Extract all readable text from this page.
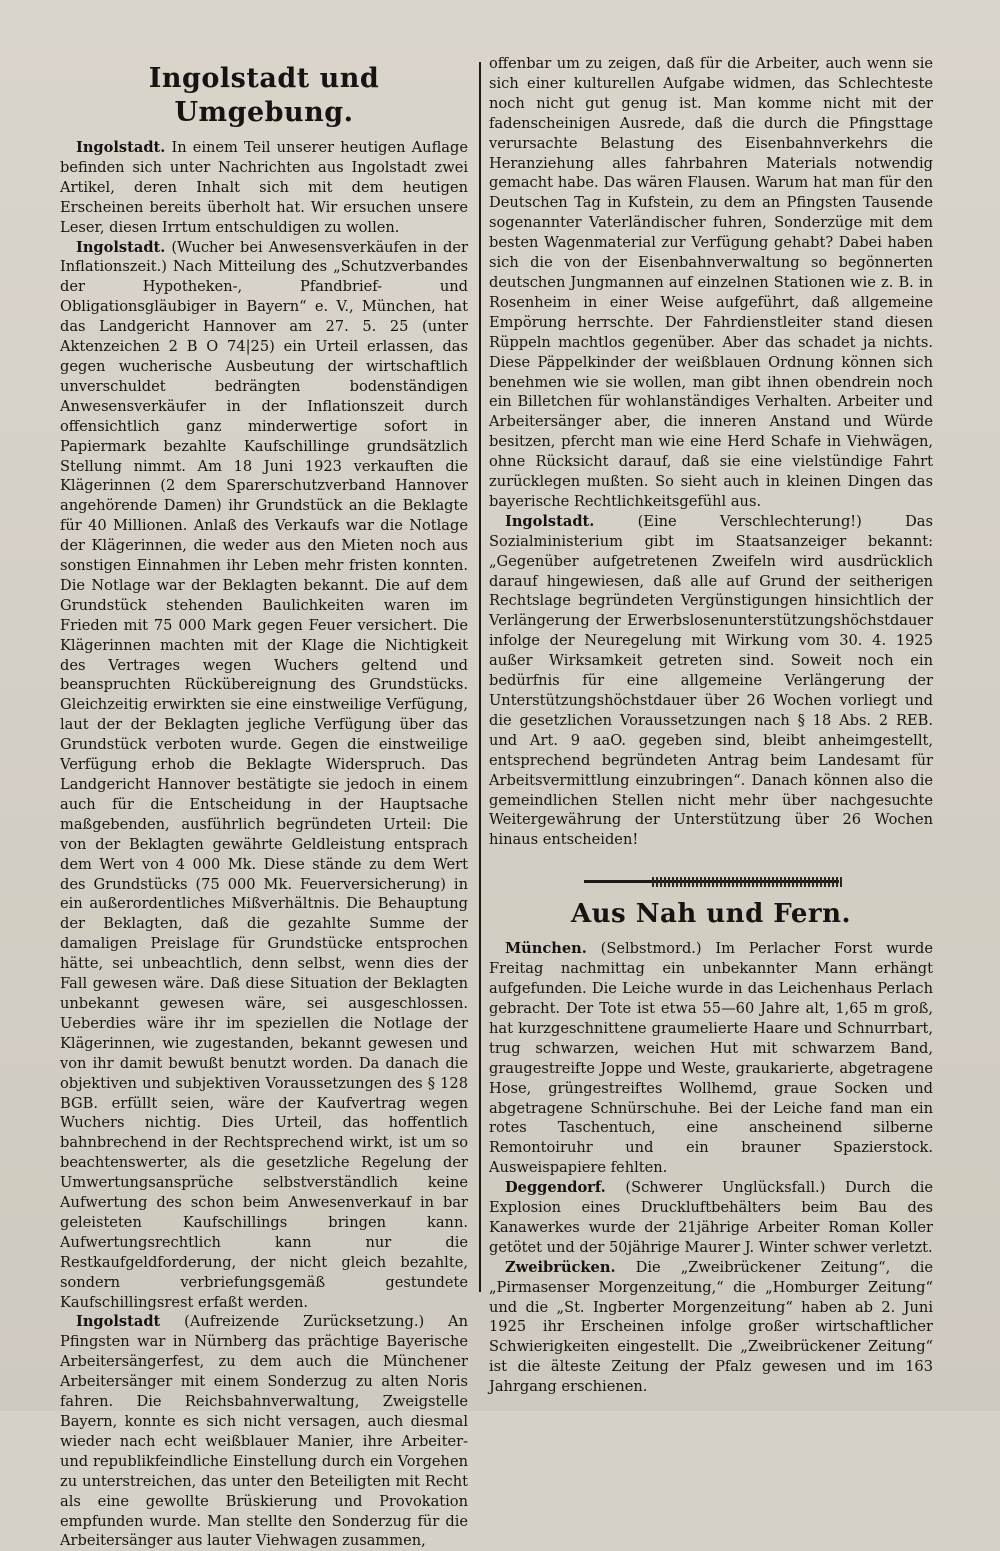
Ingolstadt und Umgebung.

Ingolstadt. In einem Teil unserer heutigen Auflage befinden sich unter Nachrichten aus Ingolstadt zwei Artikel, deren Inhalt sich mit dem heutigen Erscheinen bereits überholt hat. Wir ersuchen unsere Leser, diesen Irrtum entschuldigen zu wollen.

Ingolstadt. (Wucher bei Anwesensverkäufen in der Inflationszeit.) Nach Mitteilung des „Schutzverbandes der Hypotheken-, Pfandbrief- und Obligationsgläubiger in Bayern“ e. V., München, hat das Landgericht Hannover am 27. 5. 25 (unter Aktenzeichen 2 B O 74|25) ein Urteil erlassen, das gegen wucherische Ausbeutung der wirtschaftlich unverschuldet bedrängten bodenständigen Anwesensverkäufer in der Inflationszeit durch offensichtlich ganz minderwertige sofort in Papiermark bezahlte Kaufschillinge grundsätzlich Stellung nimmt. Am 18 Juni 1923 verkauften die Klägerinnen (2 dem Sparerschutzverband Hannover angehörende Damen) ihr Grundstück an die Beklagte für 40 Millionen. Anlaß des Verkaufs war die Notlage der Klägerinnen, die weder aus den Mieten noch aus sonstigen Einnahmen ihr Leben mehr fristen konnten. Die Notlage war der Beklagten bekannt. Die auf dem Grundstück stehenden Baulichkeiten waren im Frieden mit 75 000 Mark gegen Feuer versichert. Die Klägerinnen machten mit der Klage die Nichtigkeit des Vertrages wegen Wuchers geltend und beanspruchten Rückübereignung des Grundstücks. Gleichzeitig erwirkten sie eine einstweilige Verfügung, laut der der Beklagten jegliche Verfügung über das Grundstück verboten wurde. Gegen die einstweilige Verfügung erhob die Beklagte Widerspruch. Das Landgericht Hannover bestätigte sie jedoch in einem auch für die Entscheidung in der Hauptsache maßgebenden, ausführlich begründeten Urteil: Die von der Beklagten gewährte Geldleistung entsprach dem Wert von 4 000 Mk. Diese stände zu dem Wert des Grundstücks (75 000 Mk. Feuerversicherung) in ein außerordentliches Mißverhältnis. Die Behauptung der Beklagten, daß die gezahlte Summe der damaligen Preislage für Grundstücke entsprochen hätte, sei unbeachtlich, denn selbst, wenn dies der Fall gewesen wäre. Daß diese Situation der Beklagten unbekannt gewesen wäre, sei ausgeschlossen. Ueberdies wäre ihr im speziellen die Notlage der Klägerinnen, wie zugestanden, bekannt gewesen und von ihr damit bewußt benutzt worden. Da danach die objektiven und subjektiven Voraussetzungen des § 128 BGB. erfüllt seien, wäre der Kaufvertrag wegen Wuchers nichtig. Dies Urteil, das hoffentlich bahnbrechend in der Rechtsprechend wirkt, ist um so beachtenswerter, als die gesetzliche Regelung der Umwertungsansprüche selbstverständlich keine Aufwertung des schon beim Anwesenverkauf in bar geleisteten Kaufschillings bringen kann. Aufwertungsrechtlich kann nur die Restkaufgeldforderung, der nicht gleich bezahlte, sondern verbriefungsgemäß gestundete Kaufschillingsrest erfaßt werden.

Ingolstadt (Aufreizende Zurücksetzung.) An Pfingsten war in Nürnberg das prächtige Bayerische Arbeitersängerfest, zu dem auch die Münchener Arbeitersänger mit einem Sonderzug zu alten Noris fahren. Die Reichsbahnverwaltung, Zweigstelle Bayern, konnte es sich nicht versagen, auch diesmal wieder nach echt weißblauer Manier, ihre Arbeiter- und republikfeindliche Einstellung durch ein Vorgehen zu unterstreichen, das unter den Beteiligten mit Recht als eine gewollte Brüskierung und Provokation empfunden wurde. Man stellte den Sonderzug für die Arbeitersänger aus lauter Viehwagen zusammen,

offenbar um zu zeigen, daß für die Arbeiter, auch wenn sie sich einer kulturellen Aufgabe widmen, das Schlechteste noch nicht gut genug ist. Man komme nicht mit der fadenscheinigen Ausrede, daß die durch die Pfingsttage verursachte Belastung des Eisenbahnverkehrs die Heranziehung alles fahrbahren Materials notwendig gemacht habe. Das wären Flausen. Warum hat man für den Deutschen Tag in Kufstein, zu dem an Pfingsten Tausende sogenannter Vaterländischer fuhren, Sonderzüge mit dem besten Wagenmaterial zur Verfügung gehabt? Dabei haben sich die von der Eisenbahnverwaltung so begönnerten deutschen Jungmannen auf einzelnen Stationen wie z. B. in Rosenheim in einer Weise aufgeführt, daß allgemeine Empörung herrschte. Der Fahrdienstleiter stand diesen Rüppeln machtlos gegenüber. Aber das schadet ja nichts. Diese Päppelkinder der weißblauen Ordnung können sich benehmen wie sie wollen, man gibt ihnen obendrein noch ein Billetchen für wohlanständiges Verhalten. Arbeiter und Arbeitersänger aber, die inneren Anstand und Würde besitzen, pfercht man wie eine Herd Schafe in Viehwägen, ohne Rücksicht darauf, daß sie eine vielstündige Fahrt zurücklegen mußten. So sieht auch in kleinen Dingen das bayerische Rechtlichkeitsgefühl aus.

Ingolstadt. (Eine Verschlechterung!) Das Sozialministerium gibt im Staatsanzeiger bekannt: „Gegenüber aufgetretenen Zweifeln wird ausdrücklich darauf hingewiesen, daß alle auf Grund der seitherigen Rechtslage begründeten Vergünstigungen hinsichtlich der Verlängerung der Erwerbslosenunterstützungshöchstdauer infolge der Neuregelung mit Wirkung vom 30. 4. 1925 außer Wirksamkeit getreten sind. Soweit noch ein bedürfnis für eine allgemeine Verlängerung der Unterstützungshöchstdauer über 26 Wochen vorliegt und die gesetzlichen Voraussetzungen nach § 18 Abs. 2 REB. und Art. 9 aaO. gegeben sind, bleibt anheimgestellt, entsprechend begründeten Antrag beim Landesamt für Arbeitsvermittlung einzubringen“. Danach können also die gemeindlichen Stellen nicht mehr über nachgesuchte Weitergewährung der Unterstützung über 26 Wochen hinaus entscheiden!

Aus Nah und Fern.

München. (Selbstmord.) Im Perlacher Forst wurde Freitag nachmittag ein unbekannter Mann erhängt aufgefunden. Die Leiche wurde in das Leichenhaus Perlach gebracht. Der Tote ist etwa 55—60 Jahre alt, 1,65 m groß, hat kurzgeschnittene graumelierte Haare und Schnurrbart, trug schwarzen, weichen Hut mit schwarzem Band, graugestreifte Joppe und Weste, graukarierte, abgetragene Hose, grüngestreiftes Wollhemd, graue Socken und abgetragene Schnürschuhe. Bei der Leiche fand man ein rotes Taschentuch, eine anscheinend silberne Remontoiruhr und ein brauner Spazierstock. Ausweispapiere fehlten.

Deggendorf. (Schwerer Unglücksfall.) Durch die Explosion eines Druckluftbehälters beim Bau des Kanawerkes wurde der 21jährige Arbeiter Roman Koller getötet und der 50jährige Maurer J. Winter schwer verletzt.

Zweibrücken. Die „Zweibrückener Zeitung“, die „Pirmasenser Morgenzeitung,“ die „Homburger Zeitung“ und die „St. Ingberter Morgenzeitung“ haben ab 2. Juni 1925 ihr Erscheinen infolge großer wirtschaftlicher Schwierigkeiten eingestellt. Die „Zweibrückener Zeitung“ ist die älteste Zeitung der Pfalz gewesen und im 163 Jahrgang erschienen.
